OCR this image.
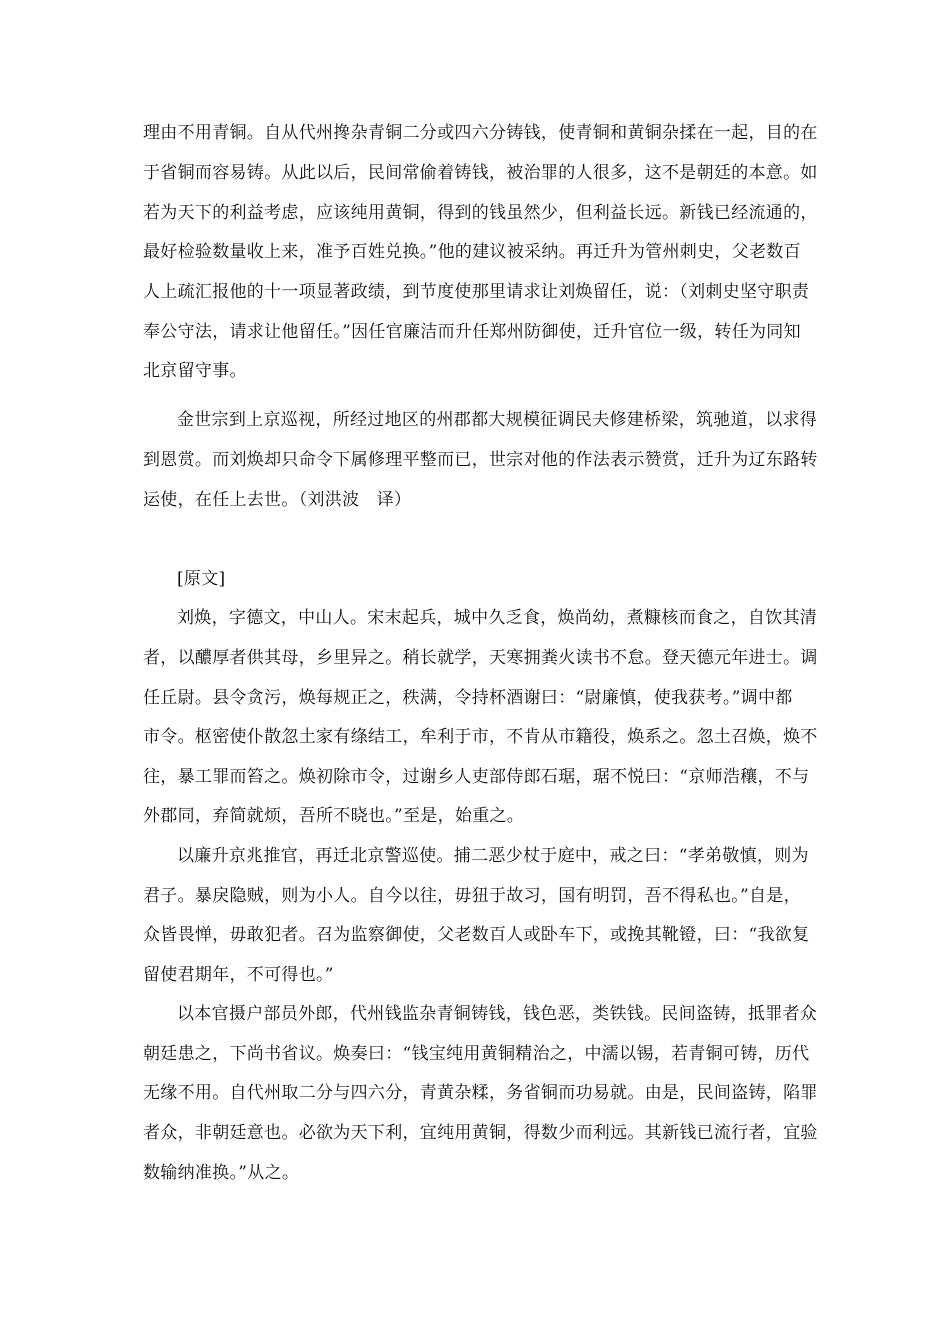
理由不用青铜。自从代州搀杂青铜二分或四六分铸钱，使青铜和黄铜杂揉在一起，目的在
于省铜而容易铸。从此以后，民间常偷着铸钱，被治罪的人很多，这不是朝廷的本意。如
若为天下的利益考虑，应该纯用黄铜，得到的钱虽然少，但利益长远。新钱已经流通的，
最好检验数量收上来，准予百姓兑换。”他的建议被采纳。再迁升为管州刺史，父老数百
人上疏汇报他的十一项显著政绩，到节度使那里请求让刘焕留任，说：（刘刺史坚守职责
奉公守法，请求让他留任。”因任官廉洁而升任郑州防御使，迁升官位一级，转任为同知
北京留守事。
金世宗到上京巡视，所经过地区的州郡都大规模征调民夫修建桥梁，筑驰道，以求得
到恩赏。而刘焕却只命令下属修理平整而已，世宗对他的作法表示赞赏，迁升为辽东路转
运使，在任上去世。（刘洪波　译）
[原文]
刘焕，字德文，中山人。宋末起兵，城中久乏食，焕尚幼，煮糠核而食之，自饮其清
者，以醲厚者供其母，乡里异之。稍长就学，天寒拥粪火读书不怠。登天德元年进士。调
任丘尉。县令贪污，焕每规正之，秩满，令持杯酒谢曰：“尉廉慎，使我获考。”调中都
市令。枢密使仆散忽土家有绦结工，牟利于市，不肯从市籍役，焕系之。忽土召焕，焕不
往，暴工罪而笞之。焕初除市令，过谢乡人吏部侍郎石琚，琚不悦曰：“京师浩穰，不与
外郡同，弃简就烦，吾所不晓也。”至是，始重之。
以廉升京兆推官，再迁北京警巡使。捕二恶少杖于庭中，戒之曰：“孝弟敬慎，则为
君子。暴戾隐贼，则为小人。自今以往，毋狃于故习，国有明罚，吾不得私也。”自是，
众皆畏惮，毋敢犯者。召为监察御使，父老数百人或卧车下，或挽其靴镫，曰：“我欲复
留使君期年，不可得也。”
以本官摄户部员外郎，代州钱监杂青铜铸钱，钱色恶，类铁钱。民间盗铸，抵罪者众
朝廷患之，下尚书省议。焕奏曰：“钱宝纯用黄铜精治之，中濡以锡，若青铜可铸，历代
无缘不用。自代州取二分与四六分，青黄杂糅，务省铜而功易就。由是，民间盗铸，陷罪
者众，非朝廷意也。必欲为天下利，宜纯用黄铜，得数少而利远。其新钱已流行者，宜验
数输纳准换。”从之。
